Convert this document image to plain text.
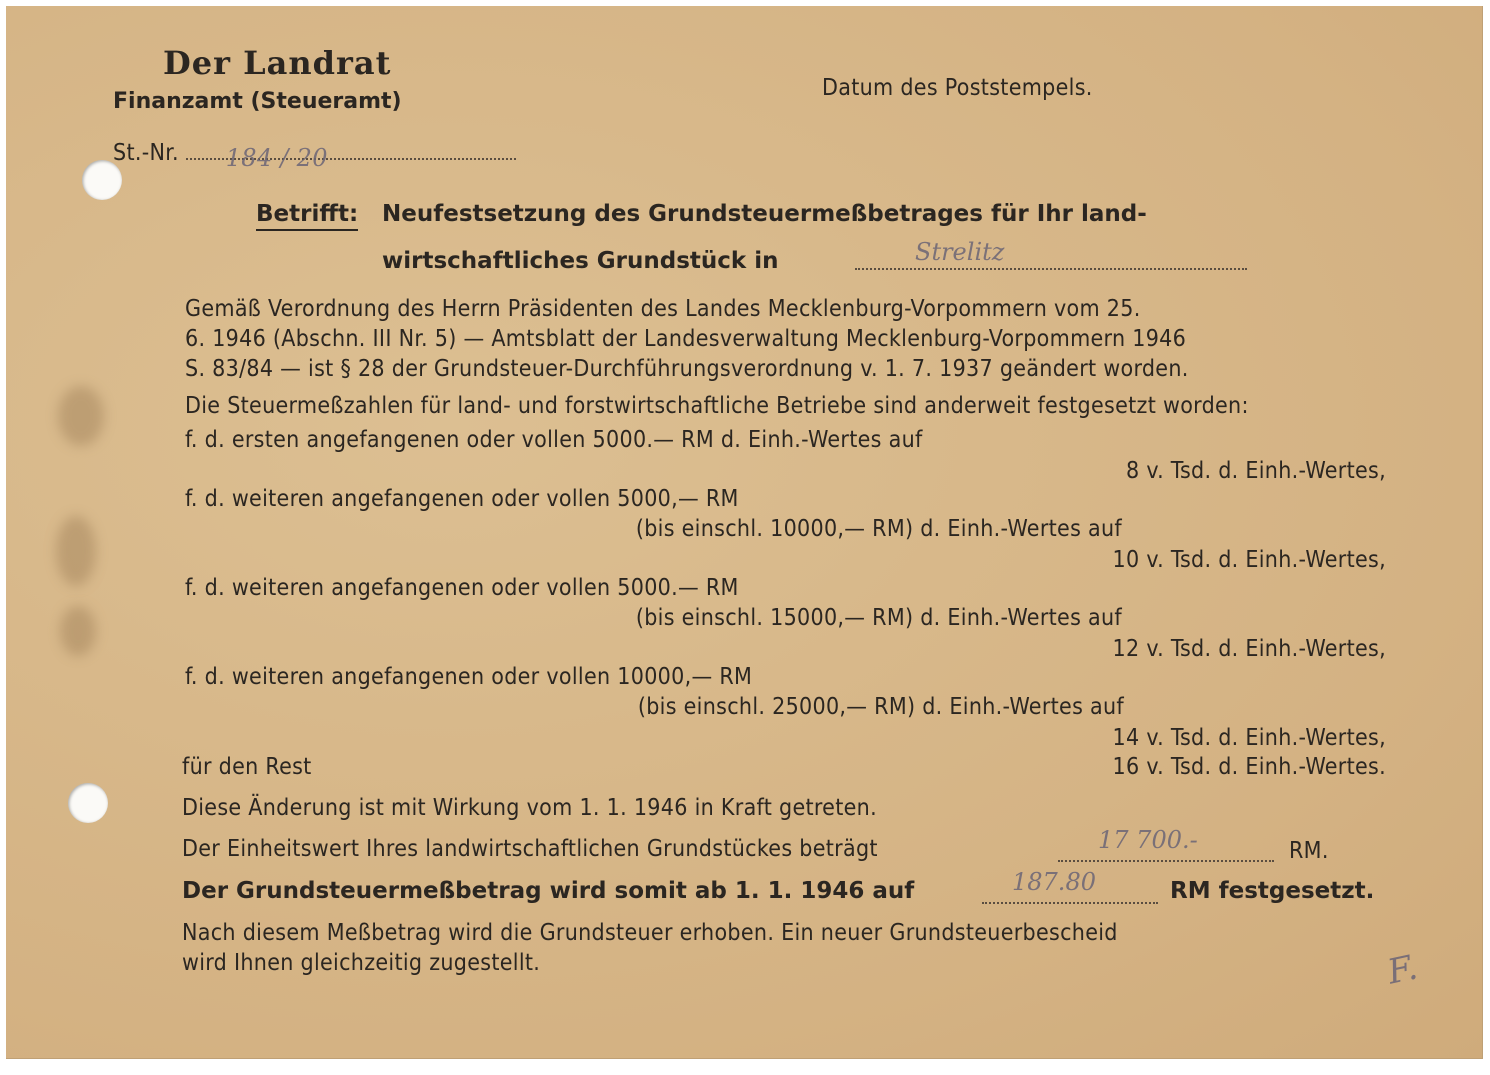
Der Landrat
Finanzamt (Steueramt)
Datum des Poststempels.
St.-Nr. 184 / 20
Betrifft: Neufestsetzung des Grundsteuermeßbetrages für Ihr land-
wirtschaftliches Grundstück in	Strelitz
Gemäß Verordnung des Herrn Präsidenten des Landes Mecklenburg-Vorpommern vom 25.
6. 1946 (Abschn. III Nr. 5) — Amtsblatt der Landesverwaltung Mecklenburg-Vorpommern 1946
S. 83/84 — ist § 28 der Grundsteuer-Durchführungsverordnung v. 1. 7. 1937 geändert worden.
Die Steuermeßzahlen für land- und forstwirtschaftliche Betriebe sind anderweit festgesetzt worden:
f. d. ersten angefangenen oder vollen 5000.— RM d. Einh.-Wertes auf
8 v. Tsd. d. Einh.-Wertes,
f. d. weiteren angefangenen oder vollen 5000,— RM
(bis einschl. 10000,— RM) d. Einh.-Wertes auf
10 v. Tsd. d. Einh.-Wertes,
f. d. weiteren angefangenen oder vollen 5000.— RM
(bis einschl. 15000,— RM) d. Einh.-Wertes auf
12 v. Tsd. d. Einh.-Wertes,
f. d. weiteren angefangenen oder vollen 10000,— RM
(bis einschl. 25000,— RM) d. Einh.-Wertes auf
14 v. Tsd. d. Einh.-Wertes,
für den Rest	16 v. Tsd. d. Einh.-Wertes.
Diese Änderung ist mit Wirkung vom 1. 1. 1946 in Kraft getreten.
Der Einheitswert Ihres landwirtschaftlichen Grundstückes beträgt	17 700.-	RM.
Der Grundsteuermeßbetrag wird somit ab 1. 1. 1946 auf	187.80	RM festgesetzt.
Nach diesem Meßbetrag wird die Grundsteuer erhoben. Ein neuer Grundsteuerbescheid
wird Ihnen gleichzeitig zugestellt.	F.
